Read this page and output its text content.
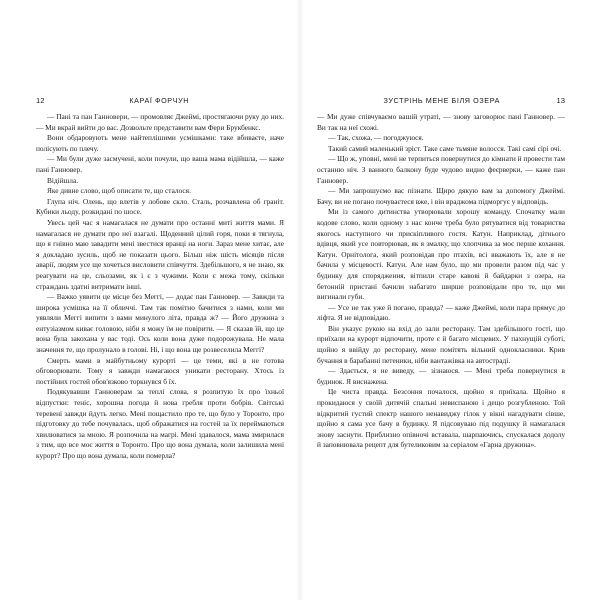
12	КАРАЇ ФОРЧУН

— Пані та пан Ганновери, — промовляє Джеймі, простягаючи руку до них. — Ми вкрай вийти до вас. Дозвольте представити вам Фери Брукбенкс.

Вони обдаровують мене найтеплішими усмішками: таке вбиваєте, наче полісують по плечу.

— Ми були дуже засмучені, коли почули, що ваша мама відійшла, — каже пані Ганновер.

Відійшла.

Яке дивне слово, щоб описати те, що сталося.

Глупа ніч. Олень, що влетів у лобове скло. Сталь, розчавлена об граніт. Кубики льоду, розкидані по шосе.

Увесь цей час я намагалася не думати про останні миті життя мами. Я намагалася не думати про неї взагалі. Щоденний цілий горя, поки я тягнула, що я гнівно маю завадити мені звестися вранці на ноги. Зараз мене хитає, але я докладаю зусиль, щоб не показати цього. Більш ніж шість місяців після аварії, людям усе ще хочеться висловити співчуття. Здебільшого, я не знаю, як реагувати на це, сльозами, як і є з чужими. Коли є межа тому, скільки страждань здатні витримати інші.

— Важко уявити це місце без Меггі, — додає пан Ганновер. — Завжди та широка усмішка на її обличчі. Там так помітно бачитися з нами, коли ми уявляли Меггі випити з вами минулого літа, правда ж? — Його дружина з ентузіазмом киває головою, ніби я можу їм не повірити. — Я сказав їй, що це вона була закохана у вас тоді. Ось коли вона дуже подорожувала. Не мала значення те, що пролунало в голові. Ні, і що вона ще розвеселила Меггі?

Смерть мами в майбутньому курорті — це теми, які в не готова обговорювати. Тому я завжди намагаюся уникати ресторану. Хтось із постійних гостей обов'язково торкнувся б їх.

Подякувавши Ганноверам за теплі слова, я розпитую їх про їхньої відпустки: теніс, хорошна погода й нова гребля проти бобрів. Світські теревені завжди йдуть легко. Мені пощастило про те, що було у Торонто, про підготовку до тебе почувалась, щоб ображатися на гостей за їх переймаються хвилюватися за мною. Я розпочнла на магрі. Мені здавалося, мама змирилася з тим, що все моє життя в Торонто. Про що вона думала, коли залишила мені курорт? Про що вона думала, коли померла?

ЗУСТРІНЬ МЕНЕ БІЛЯ ОЗЕРА	13

— Ми дуже співчуваємо вашій утраті, — знову заговорює пані Ганновер. — Ви так на неї схожі.

— Так, схожа, — погоджуюся.

Такий самий маленький зріст. Таке саме тьмяне волосся. Такі самі сірі очі.

— Що ж, уповні, мені не терпиться повернутися до кімнати й провести там останню ніч. З ванного балкону буде чудово видно феєрверки, — каже пан Ганновер.

— Ми запрошуємо вас пізнати. Щиро дякую вам за допомогу Джеймі. Бачу, ви не погано почуваєтеся вже, і він враджома підморгує у відповідь.

Ми із самого дитинства утворювали хорошу команду. Спочатку мали кодове слово, коли одному з нас конче треба було рятуватися від товариства якогось наступного чи прискіпливого гостя. Катун. Наприклад, дітнього вдівця, який усе повторював, як я змалку, що хлопчика за моє перше кохання. Катун. Орнітолога, який розповідав про птахів, всі вважають їх, але я не бачила у місцевості. Катун. Але нам було, що ми провели разом під час у будинку для спорядження, вітпили старе кавові й байдарки з озера, на бетонній пристані бачили набагато ширше розповідали про те, що ми вигинали губи.

— Уcе не так уже й погано, правда? — каже Джеймі, коли пара прямує до ліфта. Я не відповідаю.

Він указує рукою на вхід до зали ресторану. Там здебільшого гості, що приїхали на курорт відпочити, проте є й багато місцевих. У пахнущій суботі, щойно я ввійду до ресторану, мене помітять вільний однокласники. Крив бучання в барабанні петеники, ніби вантажівка на автостраді.

— Здається, я не виведу, — зізнаюся. — Мені треба повернутися в будинок. Я виснажена.

Це чиста правда. Безсоння почалося, щойно я приїхала. Щойно я прокидаюся у своїй дитячій спальні невиспаною і дещо розгубленою. Той відкритий густий спектр нашого ненавиджу гілок у вікні нагадувати сівше, щойно я сама усе бачу в будинку. Я підсовуваю під подушку й намагалася знову заснути. Приблизно опівночі вставала, шарпаючись, спускалася додолу й заповнювала рецепт для бутеликовим за серіалом «Гарна дружина».
